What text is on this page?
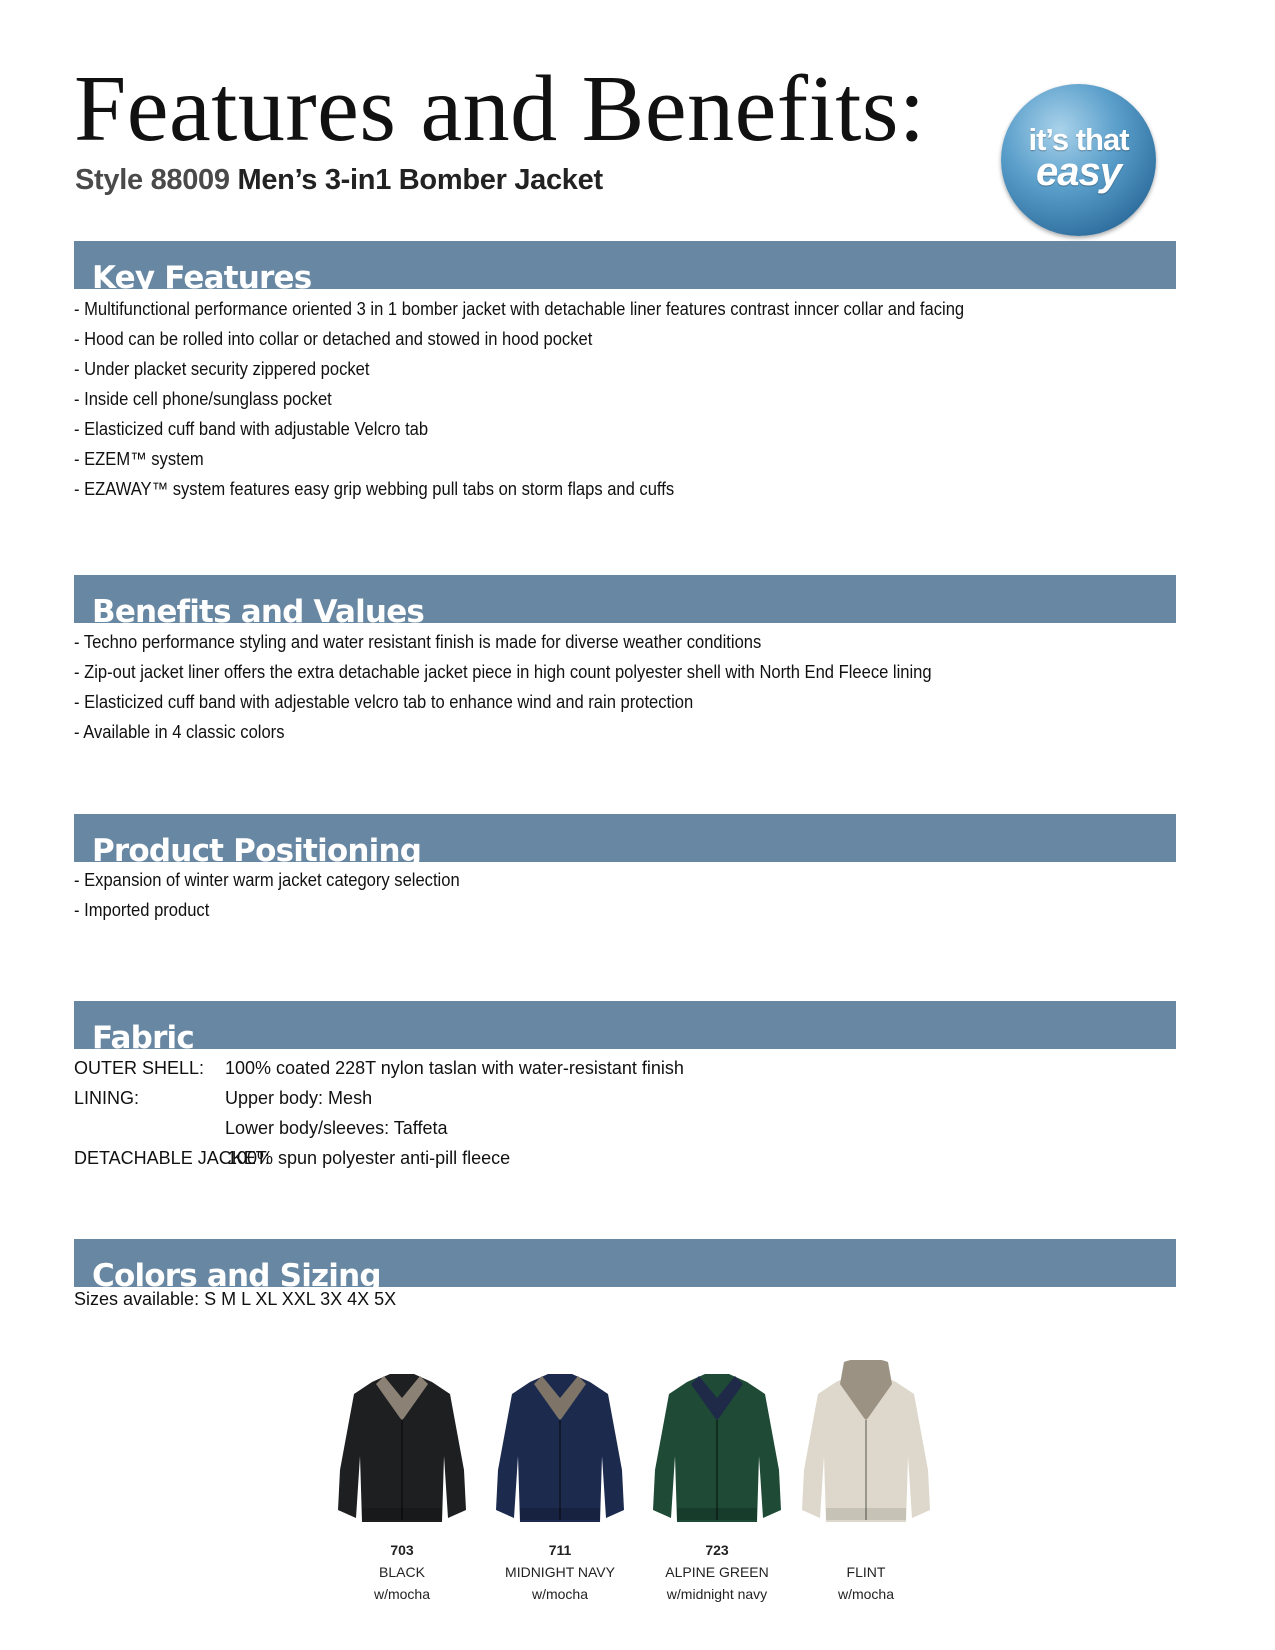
Features and Benefits:
Style 88009 Men’s 3-in1 Bomber Jacket
it’s that
easy
Key Features
- Multifunctional performance oriented 3 in 1 bomber jacket with detachable liner features contrast inncer collar and facing
- Hood can be rolled into collar or detached and stowed in hood pocket
- Under placket security zippered pocket
- Inside cell phone/sunglass pocket
- Elasticized cuff band with adjustable Velcro tab
- EZEM™ system
- EZAWAY™ system features easy grip webbing pull tabs on storm flaps and cuffs
Benefits and Values
- Techno performance styling and water resistant finish is made for diverse weather conditions
- Zip-out jacket liner offers the extra detachable jacket piece in high count polyester shell with North End Fleece lining
- Elasticized cuff band with adjestable velcro tab to enhance wind and rain protection
- Available in 4 classic colors
Product Positioning
- Expansion of winter warm jacket category selection
- Imported product
Fabric
OUTER SHELL: 100% coated 228T nylon taslan with water-resistant finish
LINING:	Upper body: Mesh
Lower body/sleeves: Taffeta
DETACHABLE JACKET:
100% spun polyester anti-pill fleece
Colors and Sizing
Sizes available: S M L XL XXL 3X 4X 5X
703
BLACK
w/mocha
711
MIDNIGHT NAVY
w/mocha
723
ALPINE GREEN
w/midnight navy
FLINT
w/mocha
